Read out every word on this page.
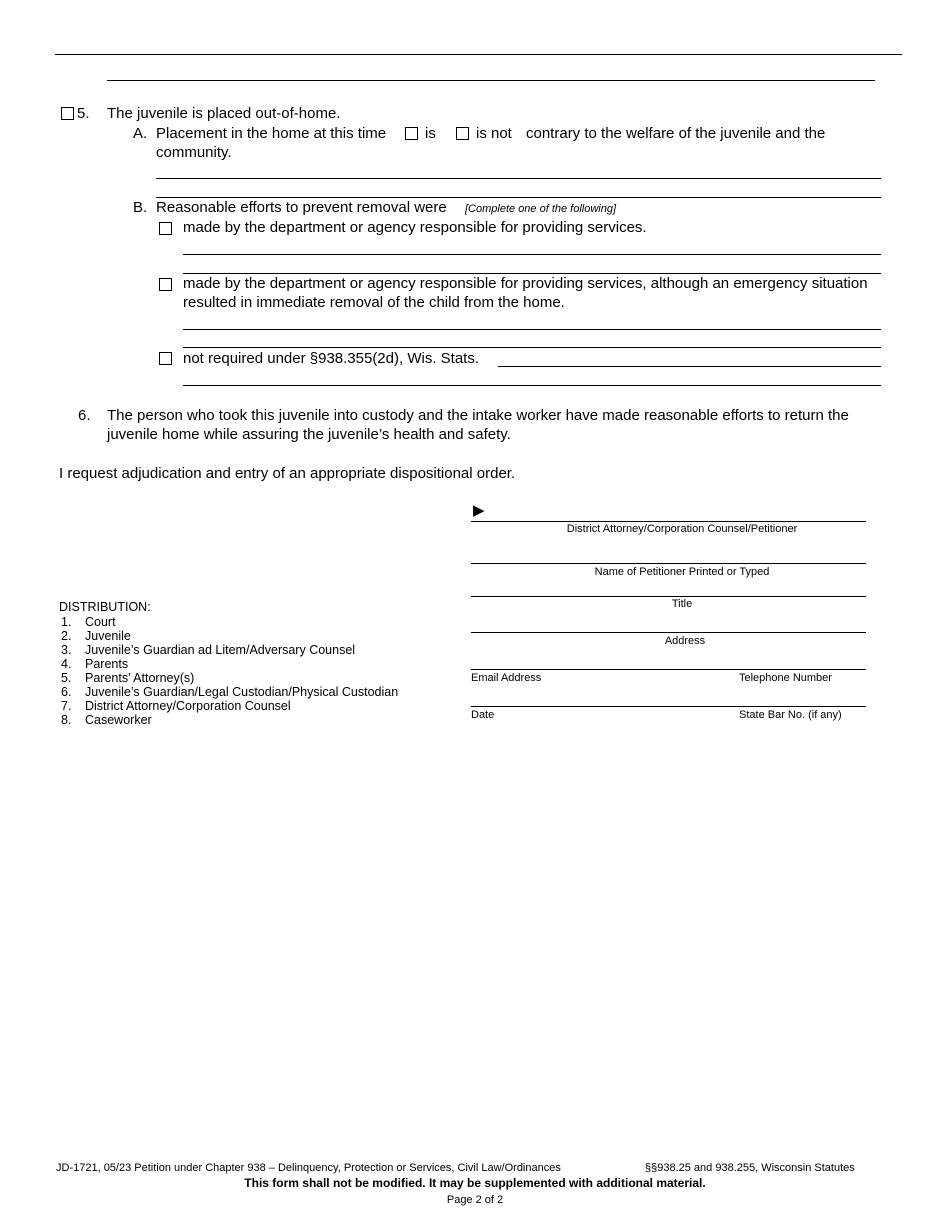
5. The juvenile is placed out-of-home.
A. Placement in the home at this time	is	is not contrary to the welfare of the juvenile and the
community.
B. Reasonable efforts to prevent removal were [Complete one of the following]
made by the department or agency responsible for providing services.
made by the department or agency responsible for providing services, although an emergency situation
resulted in immediate removal of the child from the home.
not required under §938.355(2d), Wis. Stats.
6. The person who took this juvenile into custody and the intake worker have made reasonable efforts to return the
juvenile home while assuring the juvenile’s health and safety.
I request adjudication and entry of an appropriate dispositional order.
▶
District Attorney/Corporation Counsel/Petitioner
Name of Petitioner Printed or Typed
Title
Address
Email Address	Telephone Number
Date	State Bar No. (if any)
DISTRIBUTION:
1. Court
2. Juvenile
3. Juvenile’s Guardian ad Litem/Adversary Counsel
4. Parents
5. Parents’ Attorney(s)
6. Juvenile’s Guardian/Legal Custodian/Physical Custodian
7. District Attorney/Corporation Counsel
8. Caseworker
JD-1721, 05/23 Petition under Chapter 938 – Delinquency, Protection or Services, Civil Law/Ordinances	§§938.25 and 938.255, Wisconsin Statutes
This form shall not be modified. It may be supplemented with additional material.
Page 2 of 2
